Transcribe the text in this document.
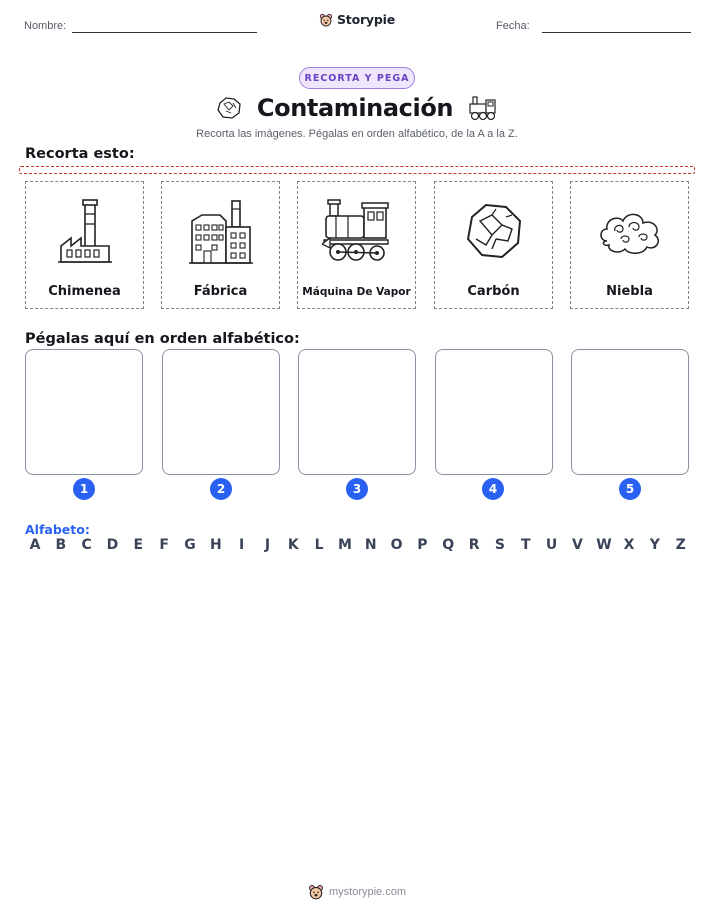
Nombre:	Storypie	Fecha:
RECORTA Y PEGA
Contaminación
Recorta las imágenes. Pégalas en orden alfabético, de la A a la Z.
Recorta esto:
Chimenea	Fábrica	Máquina De Vapor	Carbón	Niebla
Pégalas aquí en orden alfabético:
1	2	3	4	5
Alfabeto:
A B C D E F G H	I	J	K L M N O P Q R S T U V W X Y Z
mystorypie.com
